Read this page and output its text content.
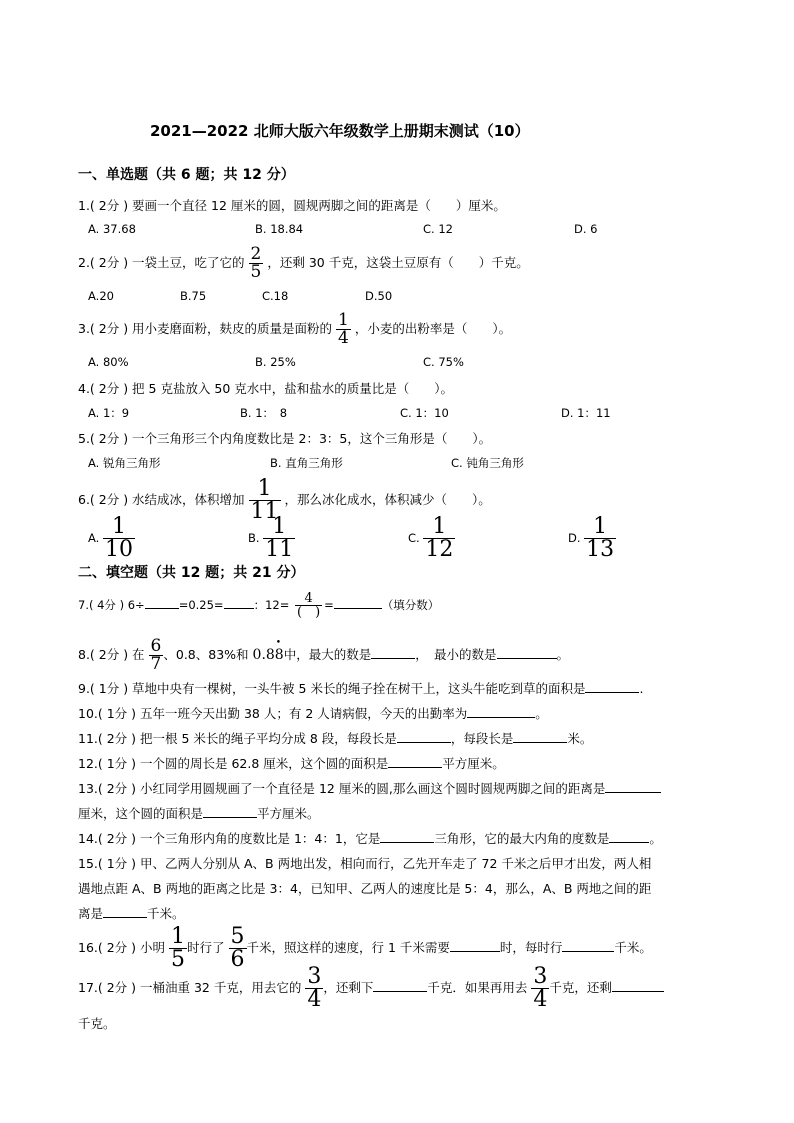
2021—2022 北师大版六年级数学上册期末测试（10）
一、单选题（共 6 题；共 12 分）
1.( 2分 ) 要画一个直径 12 厘米的圆，圆规两脚之间的距离是（　　）厘米。
A. 37.68	B. 18.84	C. 12	D. 6
2.( 2分 ) 一袋土豆，吃了它的 $\frac{2}{5}$ ，还剩 30 千克，这袋土豆原有（　　）千克。
A.20	B.75	C.18	D.50
3.( 2分 ) 用小麦磨面粉，麸皮的质量是面粉的 $\frac{1}{4}$ ，小麦的出粉率是（　　）。
A. 80%	B. 25%	C. 75%
4.( 2分 ) 把 5 克盐放入 50 克水中，盐和盐水的质量比是（　　）。
A. 1：9	B. 1：　8	C. 1：10	D. 1：11
5.( 2分 ) 一个三角形三个内角度数比是 2：3：5，这个三角形是（　　）。
A. 锐角三角形	B. 直角三角形	C. 钝角三角形
6.( 2分 ) 水结成冰，体积增加 $\frac{1}{11}$ ，那么冰化成水，体积减少（　　）。
A. $\frac{1}{10}$	B. $\frac{1}{11}$	C. $\frac{1}{12}$	D. $\frac{1}{13}$
二、填空题（共 12 题；共 21 分）
7.( 4分 ) 6÷	=0.25=	：$12= \frac{4}{( )}$ =	（填分数）
8.( 2分 ) 在 $\frac{6}{7}$ 、0.8、83%和 0.8• 8中，最大的数是	，　最小的数是	。
9.( 1分 ) 草地中央有一棵树，一头牛被 5 米长的绳子拴在树干上，这头牛能吃到草的面积是	.
10.( 1分 ) 五年一班今天出勤 38 人；有 2 人请病假，今天的出勤率为	。
11.( 2分 ) 把一根 5 米长的绳子平均分成 8 段，每段长是	，每段长是	米。
12.( 1分 ) 一个圆的周长是 62.8 厘米，这个圆的面积是	平方厘米。
13.( 2分 ) 小红同学用圆规画了一个直径是 12 厘米的圆,那么画这个圆时圆规两脚之间的距离是
厘米，这个圆的面积是	平方厘米。
14.( 2分 ) 一个三角形内角的度数比是 1：4：1，它是	三角形，它的最大内角的度数是	。
15.( 1分 ) 甲、乙两人分别从 A、B 两地出发，相向而行，乙先开车走了 72 千米之后甲才出发，两人相
遇地点距 A、B 两地的距离之比是 3：4，已知甲、乙两人的速度比是 5：4，那么，A、B 两地之间的距
离是	千米。
16.( 2分 ) 小明 $\frac{1}{5}$ 时行了 $\frac{5}{6}$ 千米，照这样的速度，行 1 千米需要	时，每时行	千米。
17.( 2分 ) 一桶油重 32 千克，用去它的 $\frac{3}{4}$ ，还剩下	千克．如果再用去 $\frac{3}{4}$ 千克，还剩
千克。
